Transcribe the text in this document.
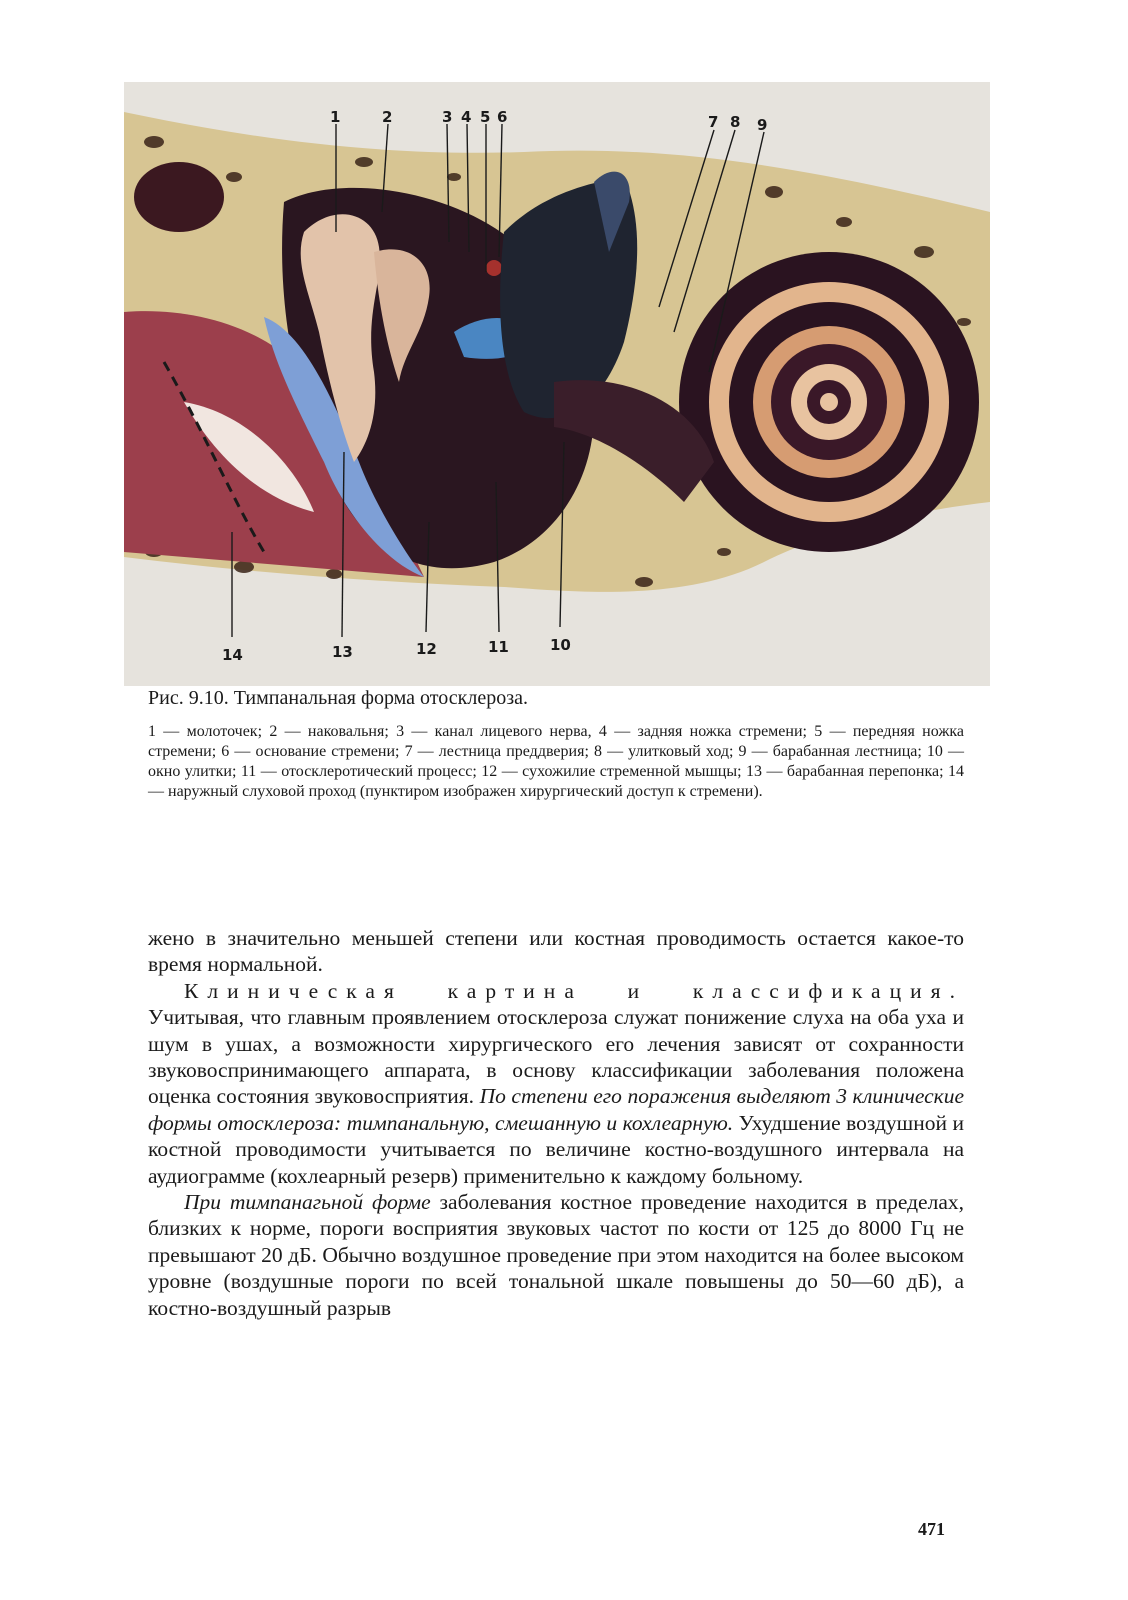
1	2	3 4 5 6	7 8 9
10
11
12
13
14
Рис. 9.10. Тимпанальная форма отосклероза.

1 — молоточек; 2 — наковальня; 3 — канал лицевого нерва, 4 — задняя ножка стремени; 5 — передняя ножка стремени; 6 — основание стремени; 7 — лестница преддверия; 8 — улитковый ход; 9 — барабанная лестница; 10 — окно улитки; 11 — отосклеротический процесс; 12 — сухожилие стременной мышцы; 13 — барабанная перепонка; 14 — наружный слуховой проход (пунктиром изображен хирургический доступ к стремени).

жено в значительно меньшей степени или костная проводимость остается какое-то время нормальной.

Клиническая картина и классификация. Учитывая, что главным проявлением отосклероза служат понижение слуха на оба уха и шум в ушах, а возможности хирургического его лечения зависят от сохранности звуковоспринимающего аппарата, в основу классификации заболевания положена оценка состояния звуковосприятия. По степени его поражения выделяют 3 клинические формы отосклероза: тимпанальную, смешанную и кохлеарную. Ухудшение воздушной и костной проводимости учитывается по величине костно-воздушного интервала на аудиограмме (кохлеарный резерв) применительно к каждому больному.

При тимпанагьной форме заболевания костное проведение находится в пределах, близких к норме, пороги восприятия звуковых частот по кости от 125 до 8000 Гц не превышают 20 дБ. Обычно воздушное проведение при этом находится на более высоком уровне (воздушные пороги по всей тональной шкале повышены до 50—60 дБ), а костно-воздушный разрыв

471
